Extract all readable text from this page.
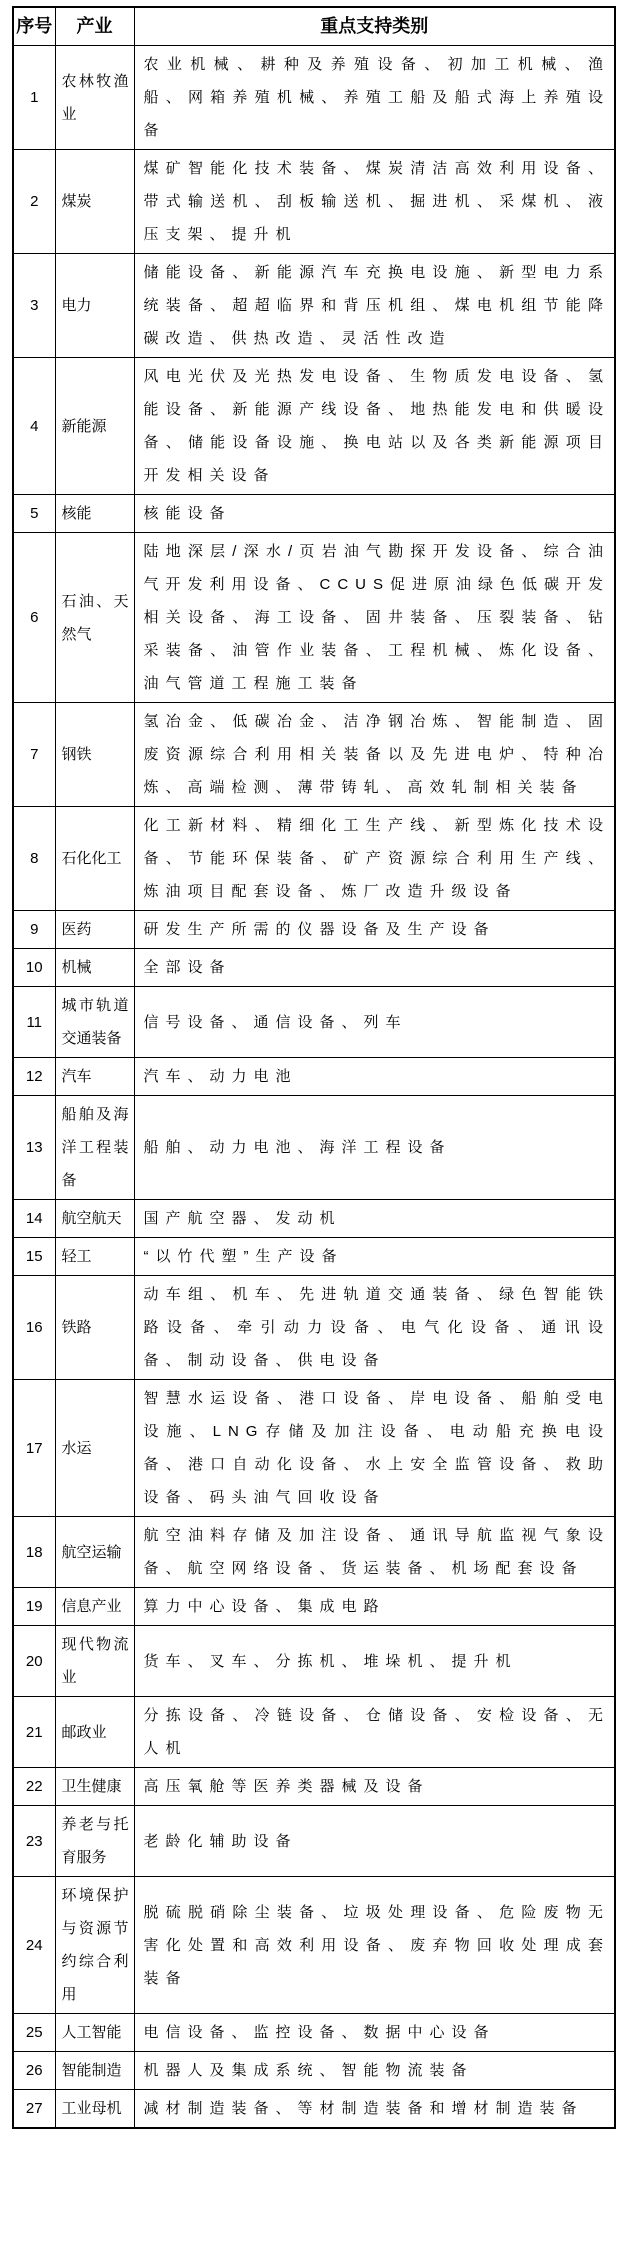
序号	产业	重点支持类别
1	农林牧渔业	农业机械、耕种及养殖设备、初加工机械、渔船、网箱养殖机械、养殖工船及船式海上养殖设备
2	煤炭	煤矿智能化技术装备、煤炭清洁高效利用设备、带式输送机、刮板输送机、掘进机、采煤机、液压支架、提升机
3	电力	储能设备、新能源汽车充换电设施、新型电力系统装备、超超临界和背压机组、煤电机组节能降碳改造、供热改造、灵活性改造
4	新能源	风电光伏及光热发电设备、生物质发电设备、氢能设备、新能源产线设备、地热能发电和供暖设备、储能设备设施、换电站以及各类新能源项目开发相关设备
5	核能	核能设备
6	石油、天然气	陆地深层/深水/页岩油气勘探开发设备、综合油气开发利用设备、CCUS促进原油绿色低碳开发相关设备、海工设备、固井装备、压裂装备、钻采装备、油管作业装备、工程机械、炼化设备、油气管道工程施工装备
7	钢铁	氢冶金、低碳冶金、洁净钢冶炼、智能制造、固废资源综合利用相关装备以及先进电炉、特种冶炼、高端检测、薄带铸轧、高效轧制相关装备
8	石化化工	化工新材料、精细化工生产线、新型炼化技术设备、节能环保装备、矿产资源综合利用生产线、炼油项目配套设备、炼厂改造升级设备
9	医药	研发生产所需的仪器设备及生产设备
10	机械	全部设备
11	城市轨道交通装备	信号设备、通信设备、列车
12	汽车	汽车、动力电池
13	船舶及海洋工程装备	船舶、动力电池、海洋工程设备
14	航空航天	国产航空器、发动机
15	轻工	“以竹代塑”生产设备
16	铁路	动车组、机车、先进轨道交通装备、绿色智能铁路设备、牵引动力设备、电气化设备、通讯设备、制动设备、供电设备
17	水运	智慧水运设备、港口设备、岸电设备、船舶受电设施、LNG存储及加注设备、电动船充换电设备、港口自动化设备、水上安全监管设备、救助设备、码头油气回收设备
18	航空运输	航空油料存储及加注设备、通讯导航监视气象设备、航空网络设备、货运装备、机场配套设备
19	信息产业	算力中心设备、集成电路
20	现代物流业	货车、叉车、分拣机、堆垛机、提升机
21	邮政业	分拣设备、冷链设备、仓储设备、安检设备、无人机
22	卫生健康	高压氧舱等医养类器械及设备
23	养老与托育服务	老龄化辅助设备
24	环境保护与资源节约综合利用	脱硫脱硝除尘装备、垃圾处理设备、危险废物无害化处置和高效利用设备、废弃物回收处理成套装备
25	人工智能	电信设备、监控设备、数据中心设备
26	智能制造	机器人及集成系统、智能物流装备
27	工业母机	减材制造装备、等材制造装备和增材制造装备
